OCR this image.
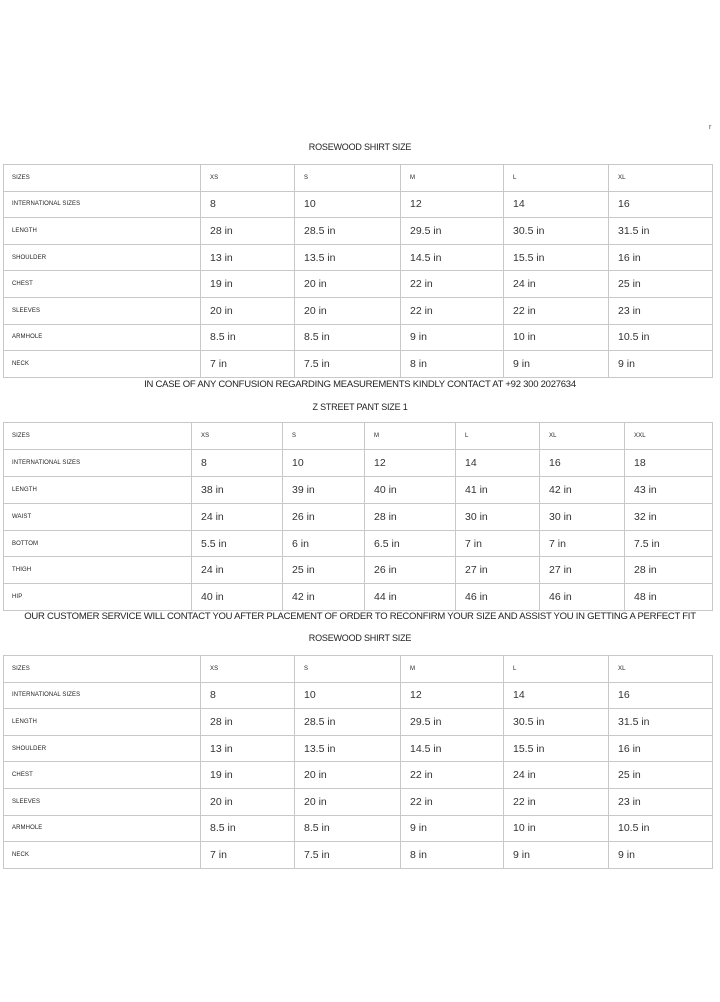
r
ROSEWOOD SHIRT SIZE
SIZES	XS	S	M	L	XL
INTERNATIONAL SIZES	8	10	12	14	16
LENGTH	28 in	28.5 in	29.5 in	30.5 in	31.5 in
SHOULDER	13 in	13.5 in	14.5 in	15.5 in	16 in
CHEST	19 in	20 in	22 in	24 in	25 in
SLEEVES	20 in	20 in	22 in	22 in	23 in
ARMHOLE	8.5 in	8.5 in	9 in	10 in	10.5 in
NECK	7 in	7.5 in	8 in	9 in	9 in
IN CASE OF ANY CONFUSION REGARDING MEASUREMENTS KINDLY CONTACT AT +92 300 2027634
Z STREET PANT SIZE 1
SIZES	XS	S	M	L	XL	XXL
INTERNATIONAL SIZES	8	10	12	14	16	18
LENGTH	38 in	39 in	40 in	41 in	42 in	43 in
WAIST	24 in	26 in	28 in	30 in	30 in	32 in
BOTTOM	5.5 in	6 in	6.5 in	7 in	7 in	7.5 in
THIGH	24 in	25 in	26 in	27 in	27 in	28 in
HIP	40 in	42 in	44 in	46 in	46 in	48 in
OUR CUSTOMER SERVICE WILL CONTACT YOU AFTER PLACEMENT OF ORDER TO RECONFIRM YOUR SIZE AND ASSIST YOU IN GETTING A PERFECT FIT
ROSEWOOD SHIRT SIZE
SIZES	XS	S	M	L	XL
INTERNATIONAL SIZES	8	10	12	14	16
LENGTH	28 in	28.5 in	29.5 in	30.5 in	31.5 in
SHOULDER	13 in	13.5 in	14.5 in	15.5 in	16 in
CHEST	19 in	20 in	22 in	24 in	25 in
SLEEVES	20 in	20 in	22 in	22 in	23 in
ARMHOLE	8.5 in	8.5 in	9 in	10 in	10.5 in
NECK	7 in	7.5 in	8 in	9 in	9 in
